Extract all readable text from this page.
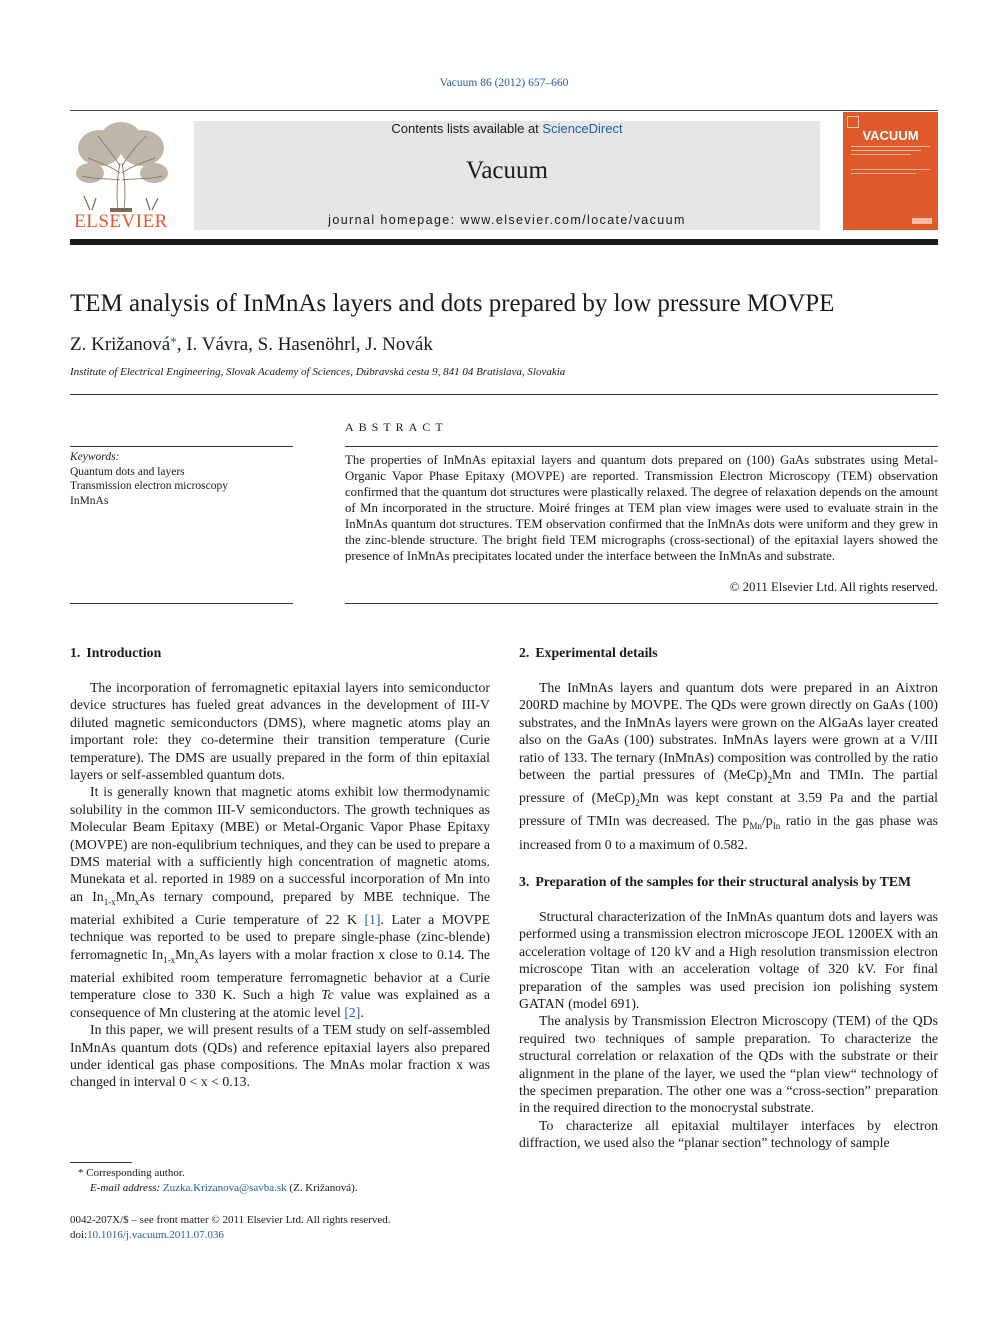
Vacuum 86 (2012) 657–660
ELSEVIER
Contents lists available at ScienceDirect
Vacuum
journal homepage: www.elsevier.com/locate/vacuum
VACUUM
TEM analysis of InMnAs layers and dots prepared by low pressure MOVPE
Z. Križanová*, I. Vávra, S. Hasenöhrl, J. Novák
Institute of Electrical Engineering, Slovak Academy of Sciences, Dúbravská cesta 9, 841 04 Bratislava, Slovakia
ABSTRACT
Keywords:
Quantum dots and layers
Transmission electron microscopy
InMnAs
The properties of InMnAs epitaxial layers and quantum dots prepared on (100) GaAs substrates using Metal-Organic Vapor Phase Epitaxy (MOVPE) are reported. Transmission Electron Microscopy (TEM) observation confirmed that the quantum dot structures were plastically relaxed. The degree of relaxation depends on the amount of Mn incorporated in the structure. Moiré fringes at TEM plan view images were used to evaluate strain in the InMnAs quantum dot structures. TEM observation confirmed that the InMnAs dots were uniform and they grew in the zinc-blende structure. The bright field TEM micrographs (cross-sectional) of the epitaxial layers showed the presence of InMnAs precipitates located under the interface between the InMnAs and substrate.
© 2011 Elsevier Ltd. All rights reserved.
1. Introduction

The incorporation of ferromagnetic epitaxial layers into semiconductor device structures has fueled great advances in the development of III-V diluted magnetic semiconductors (DMS), where magnetic atoms play an important role: they co-determine their transition temperature (Curie temperature). The DMS are usually prepared in the form of thin epitaxial layers or self-assembled quantum dots.

It is generally known that magnetic atoms exhibit low thermodynamic solubility in the common III-V semiconductors. The growth techniques as Molecular Beam Epitaxy (MBE) or Metal-Organic Vapor Phase Epitaxy (MOVPE) are non-equlibrium techniques, and they can be used to prepare a DMS material with a sufficiently high concentration of magnetic atoms. Munekata et al. reported in 1989 on a successful incorporation of Mn into an $In_{1-x}Mn_xAs$ ternary compound, prepared by MBE technique. The material exhibited a Curie temperature of 22 K [1]. Later a MOVPE technique was reported to be used to prepare single-phase (zinc-blende) ferromagnetic $In_{1-x}Mn_xAs$ layers with a molar fraction x close to 0.14. The material exhibited room temperature ferromagnetic behavior at a Curie temperature close to 330 K. Such a high Tc value was explained as a consequence of Mn clustering at the atomic level [2].

In this paper, we will present results of a TEM study on self-assembled InMnAs quantum dots (QDs) and reference epitaxial layers also prepared under identical gas phase compositions. The MnAs molar fraction x was changed in interval 0 < x < 0.13.

2. Experimental details

The InMnAs layers and quantum dots were prepared in an Aixtron 200RD machine by MOVPE. The QDs were grown directly on GaAs (100) substrates, and the InMnAs layers were grown on the AlGaAs layer created also on the GaAs (100) substrates. InMnAs layers were grown at a V/III ratio of 133. The ternary (InMnAs) composition was controlled by the ratio between the partial pressures of $(MeCp)_2Mn$ and TMIn. The partial pressure of $(MeCp)_2Mn$ was kept constant at 3.59 Pa and the partial pressure of TMIn was decreased. The $p_{Mn}/p_{In}$ ratio in the gas phase was increased from 0 to a maximum of 0.582.

3. Preparation of the samples for their structural analysis by TEM

Structural characterization of the InMnAs quantum dots and layers was performed using a transmission electron microscope JEOL 1200EX with an acceleration voltage of 120 kV and a High resolution transmission electron microscope Titan with an acceleration voltage of 320 kV. For final preparation of the samples was used precision ion polishing system GATAN (model 691).

The analysis by Transmission Electron Microscopy (TEM) of the QDs required two techniques of sample preparation. To characterize the structural correlation or relaxation of the QDs with the substrate or their alignment in the plane of the layer, we used the “plan view“ technology of the specimen preparation. The other one was a “cross-section” preparation in the required direction to the monocrystal substrate.

To characterize all epitaxial multilayer interfaces by electron diffraction, we used also the “planar section” technology of sample

* Corresponding author.
E-mail address: Zuzka.Krizanova@savba.sk (Z. Križanová).
0042-207X/$ – see front matter © 2011 Elsevier Ltd. All rights reserved.
doi:10.1016/j.vacuum.2011.07.036
